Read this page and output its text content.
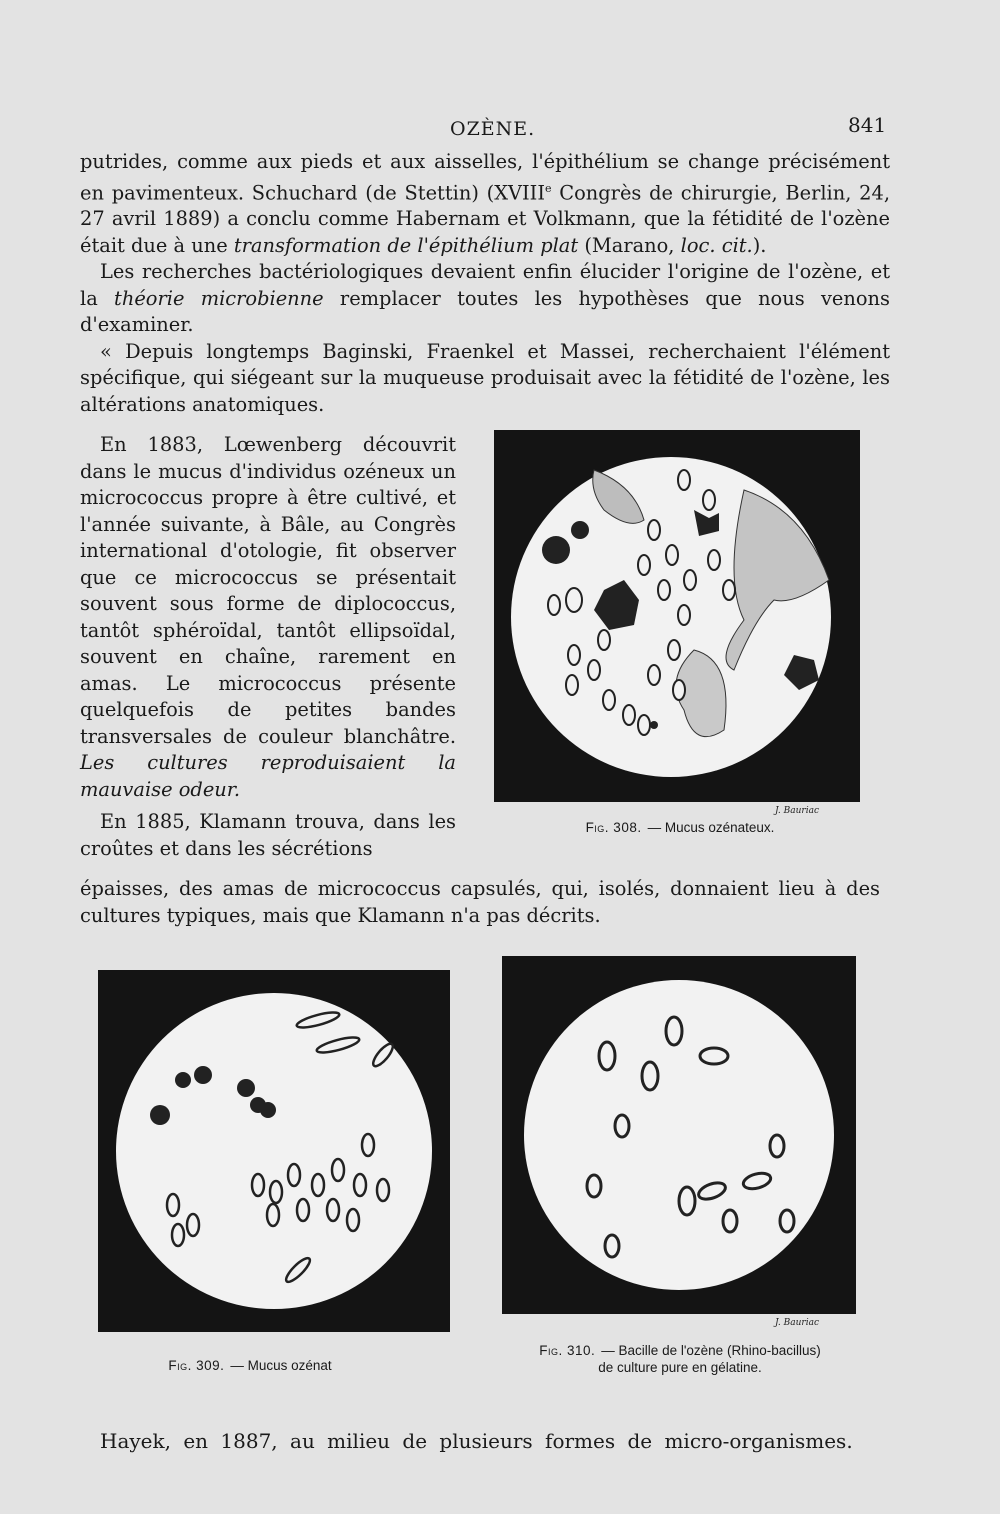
OZÈNE.	841

putrides, comme aux pieds et aux aisselles, l'épithélium se change précisément en pavimenteux. Schuchard (de Stettin) (XVIIIe Congrès de chirurgie, Berlin, 24, 27 avril 1889) a conclu comme Habernam et Volkmann, que la fétidité de l'ozène était due à une transformation de l'épithélium plat (Marano, loc. cit.).

Les recherches bactériologiques devaient enfin élucider l'origine de l'ozène, et la théorie microbienne remplacer toutes les hypothèses que nous venons d'examiner.

« Depuis longtemps Baginski, Fraenkel et Massei, recherchaient l'élément spécifique, qui siégeant sur la muqueuse produisait avec la fétidité de l'ozène, les altérations anatomiques.

En 1883, Lœwenberg découvrit dans le mucus d'individus ozéneux un micrococcus propre à être cultivé, et l'année suivante, à Bâle, au Congrès international d'otologie, fit observer que ce micrococcus se présentait souvent sous forme de diplococcus, tantôt sphéroïdal, tantôt ellipsoïdal, souvent en chaîne, rarement en amas. Le micrococcus présente quelquefois de petites bandes transversales de couleur blanchâtre. Les cultures reproduisaient la mauvaise odeur.

En 1885, Klamann trouva, dans les croûtes et dans les sécrétions

épaisses, des amas de micrococcus capsulés, qui, isolés, donnaient lieu à des cultures typiques, mais que Klamann n'a pas décrits.

J. Bauriac
Fig. 308. — Mucus ozénateux.
Fig. 309. — Mucus ozénat
J. Bauriac
Fig. 310. — Bacille de l'ozène (Rhino-bacillus)
de culture pure en gélatine.
Hayek, en 1887, au milieu de plusieurs formes de micro-organismes.
